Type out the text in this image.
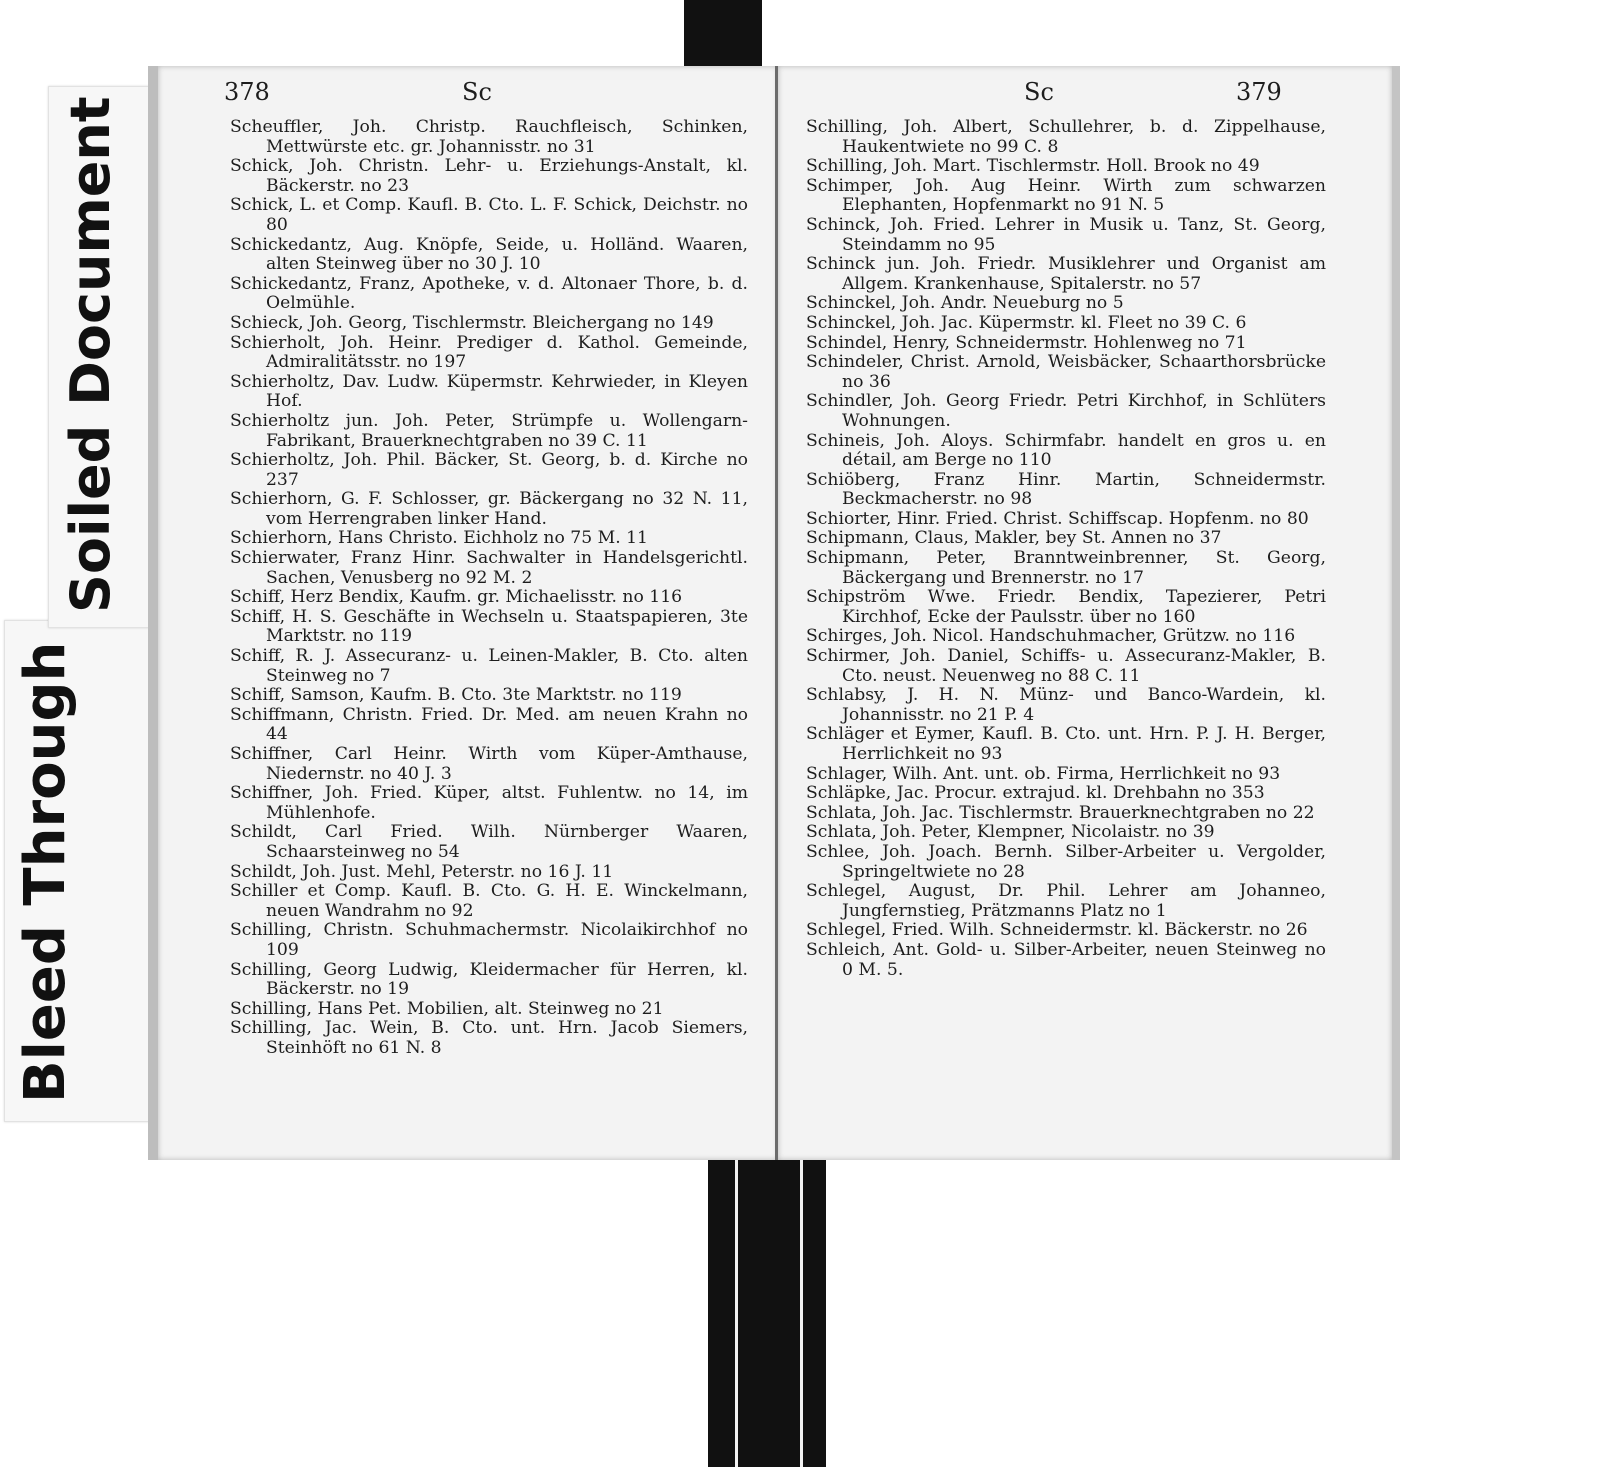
Bleed Through
Soiled Document
378	Sc

Scheuffler, Joh. Christp. Rauchfleisch, Schinken, Mettwürste etc. gr. Johannisstr. no 31

Schick, Joh. Christn. Lehr- u. Erziehungs-Anstalt, kl. Bäckerstr. no 23

Schick, L. et Comp. Kaufl. B. Cto. L. F. Schick, Deichstr. no 80

Schickedantz, Aug. Knöpfe, Seide, u. Holländ. Waaren, alten Steinweg über no 30 J. 10

Schickedantz, Franz, Apotheke, v. d. Altonaer Thore, b. d. Oelmühle.

Schieck, Joh. Georg, Tischlermstr. Bleichergang no 149

Schierholt, Joh. Heinr. Prediger d. Kathol. Gemeinde, Admiralitätsstr. no 197

Schierholtz, Dav. Ludw. Küpermstr. Kehrwieder, in Kleyen Hof.

Schierholtz jun. Joh. Peter, Strümpfe u. Wollengarn-Fabrikant, Brauerknechtgraben no 39 C. 11

Schierholtz, Joh. Phil. Bäcker, St. Georg, b. d. Kirche no 237

Schierhorn, G. F. Schlosser, gr. Bäckergang no 32 N. 11, vom Herrengraben linker Hand.

Schierhorn, Hans Christo. Eichholz no 75 M. 11

Schierwater, Franz Hinr. Sachwalter in Handelsgerichtl. Sachen, Venusberg no 92 M. 2

Schiff, Herz Bendix, Kaufm. gr. Michaelisstr. no 116

Schiff, H. S. Geschäfte in Wechseln u. Staatspapieren, 3te Marktstr. no 119

Schiff, R. J. Assecuranz- u. Leinen-Makler, B. Cto. alten Steinweg no 7

Schiff, Samson, Kaufm. B. Cto. 3te Marktstr. no 119

Schiffmann, Christn. Fried. Dr. Med. am neuen Krahn no 44

Schiffner, Carl Heinr. Wirth vom Küper-Amthause, Niedernstr. no 40 J. 3

Schiffner, Joh. Fried. Küper, altst. Fuhlentw. no 14, im Mühlenhofe.

Schildt, Carl Fried. Wilh. Nürnberger Waaren, Schaarsteinweg no 54

Schildt, Joh. Just. Mehl, Peterstr. no 16 J. 11

Schiller et Comp. Kaufl. B. Cto. G. H. E. Winckelmann, neuen Wandrahm no 92

Schilling, Christn. Schuhmachermstr. Nicolaikirchhof no 109

Schilling, Georg Ludwig, Kleidermacher für Herren, kl. Bäckerstr. no 19

Schilling, Hans Pet. Mobilien, alt. Steinweg no 21

Schilling, Jac. Wein, B. Cto. unt. Hrn. Jacob Siemers, Steinhöft no 61 N. 8

Sc	379

Schilling, Joh. Albert, Schullehrer, b. d. Zippelhause, Haukentwiete no 99 C. 8

Schilling, Joh. Mart. Tischlermstr. Holl. Brook no 49

Schimper, Joh. Aug Heinr. Wirth zum schwarzen Elephanten, Hopfenmarkt no 91 N. 5

Schinck, Joh. Fried. Lehrer in Musik u. Tanz, St. Georg, Steindamm no 95

Schinck jun. Joh. Friedr. Musiklehrer und Organist am Allgem. Krankenhause, Spitalerstr. no 57

Schinckel, Joh. Andr. Neueburg no 5

Schinckel, Joh. Jac. Küpermstr. kl. Fleet no 39 C. 6

Schindel, Henry, Schneidermstr. Hohlenweg no 71

Schindeler, Christ. Arnold, Weisbäcker, Schaarthorsbrücke no 36

Schindler, Joh. Georg Friedr. Petri Kirchhof, in Schlüters Wohnungen.

Schineis, Joh. Aloys. Schirmfabr. handelt en gros u. en détail, am Berge no 110

Schiöberg, Franz Hinr. Martin, Schneidermstr. Beckmacherstr. no 98

Schiorter, Hinr. Fried. Christ. Schiffscap. Hopfenm. no 80

Schipmann, Claus, Makler, bey St. Annen no 37

Schipmann, Peter, Branntweinbrenner, St. Georg, Bäckergang und Brennerstr. no 17

Schipström Wwe. Friedr. Bendix, Tapezierer, Petri Kirchhof, Ecke der Paulsstr. über no 160

Schirges, Joh. Nicol. Handschuhmacher, Grützw. no 116

Schirmer, Joh. Daniel, Schiffs- u. Assecuranz-Makler, B. Cto. neust. Neuenweg no 88 C. 11

Schlabsy, J. H. N. Münz- und Banco-Wardein, kl. Johannisstr. no 21 P. 4

Schläger et Eymer, Kaufl. B. Cto. unt. Hrn. P. J. H. Berger, Herrlichkeit no 93

Schlager, Wilh. Ant. unt. ob. Firma, Herrlichkeit no 93

Schläpke, Jac. Procur. extrajud. kl. Drehbahn no 353

Schlata, Joh. Jac. Tischlermstr. Brauerknechtgraben no 22

Schlata, Joh. Peter, Klempner, Nicolaistr. no 39

Schlee, Joh. Joach. Bernh. Silber-Arbeiter u. Vergolder, Springeltwiete no 28

Schlegel, August, Dr. Phil. Lehrer am Johanneo, Jungfernstieg, Prätzmanns Platz no 1

Schlegel, Fried. Wilh. Schneidermstr. kl. Bäckerstr. no 26

Schleich, Ant. Gold- u. Silber-Arbeiter, neuen Steinweg no 0 M. 5.
